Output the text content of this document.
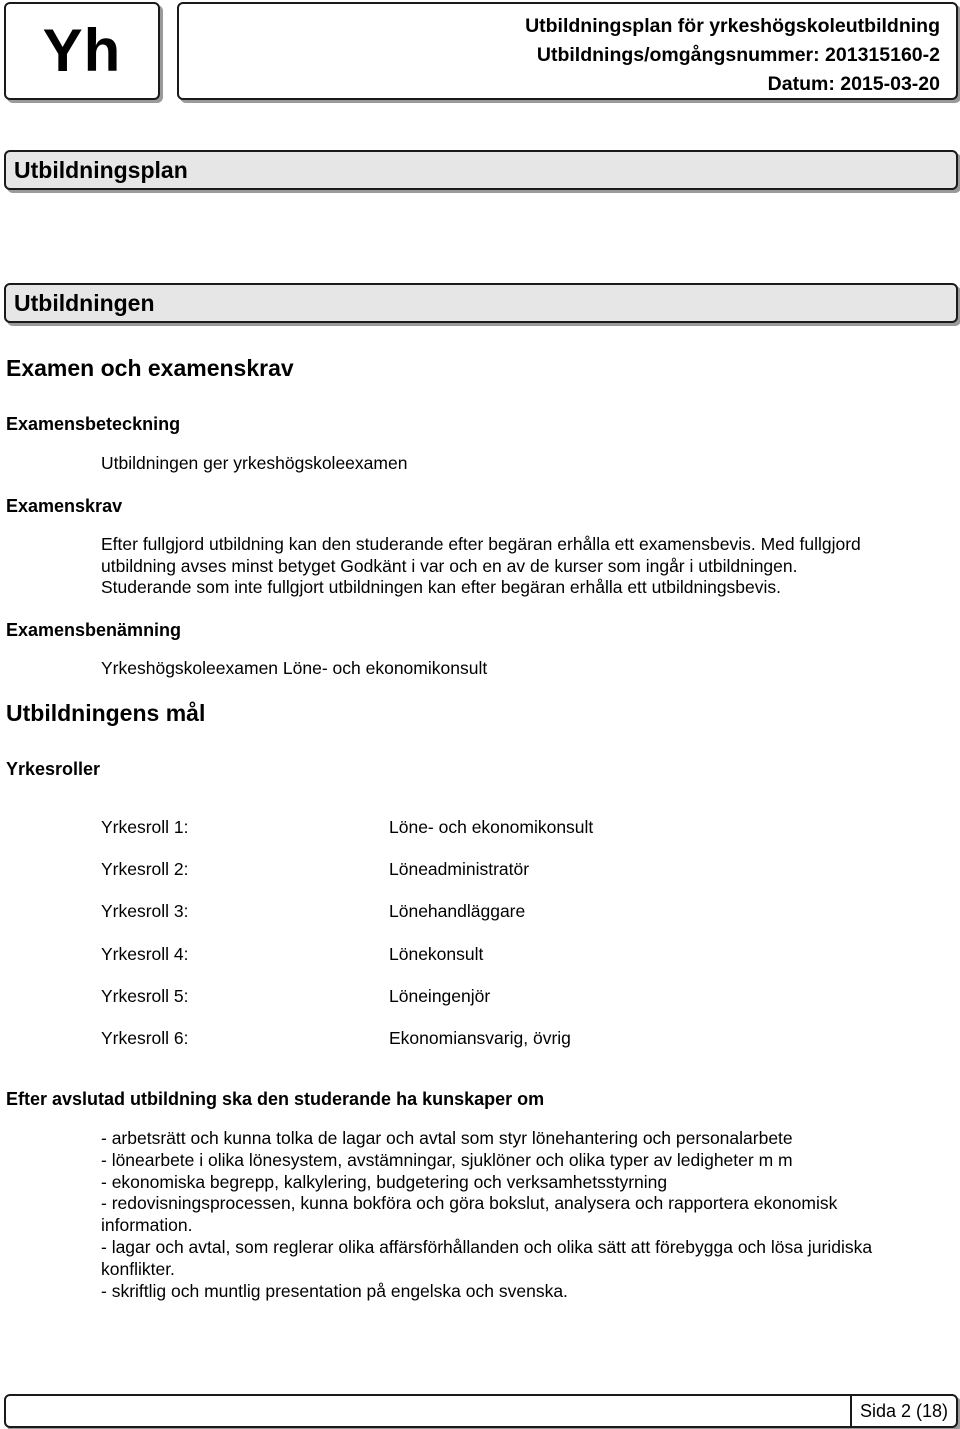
Yh	Utbildningsplan för yrkeshögskoleutbildning
Utbildnings/omgångsnummer: 201315160-2
Datum: 2015-03-20
Utbildningsplan
Utbildningen
Examen och examenskrav
Examensbeteckning
Utbildningen ger yrkeshögskoleexamen
Examenskrav
Efter fullgjord utbildning kan den studerande efter begäran erhålla ett examensbevis. Med fullgjord
utbildning avses minst betyget Godkänt i var och en av de kurser som ingår i utbildningen.
Studerande som inte fullgjort utbildningen kan efter begäran erhålla ett utbildningsbevis.
Examensbenämning
Yrkeshögskoleexamen Löne- och ekonomikonsult
Utbildningens mål
Yrkesroller
Yrkesroll 1:	Löne- och ekonomikonsult
Yrkesroll 2:	Löneadministratör
Yrkesroll 3:	Lönehandläggare
Yrkesroll 4:	Lönekonsult
Yrkesroll 5:	Löneingenjör
Yrkesroll 6:	Ekonomiansvarig, övrig
Efter avslutad utbildning ska den studerande ha kunskaper om
- arbetsrätt och kunna tolka de lagar och avtal som styr lönehantering och personalarbete
- lönearbete i olika lönesystem, avstämningar, sjuklöner och olika typer av ledigheter m m
- ekonomiska begrepp, kalkylering, budgetering och verksamhetsstyrning
- redovisningsprocessen, kunna bokföra och göra bokslut, analysera och rapportera ekonomisk
information.
- lagar och avtal, som reglerar olika affärsförhållanden och olika sätt att förebygga och lösa juridiska
konflikter.
- skriftlig och muntlig presentation på engelska och svenska.
Sida 2 (18)
